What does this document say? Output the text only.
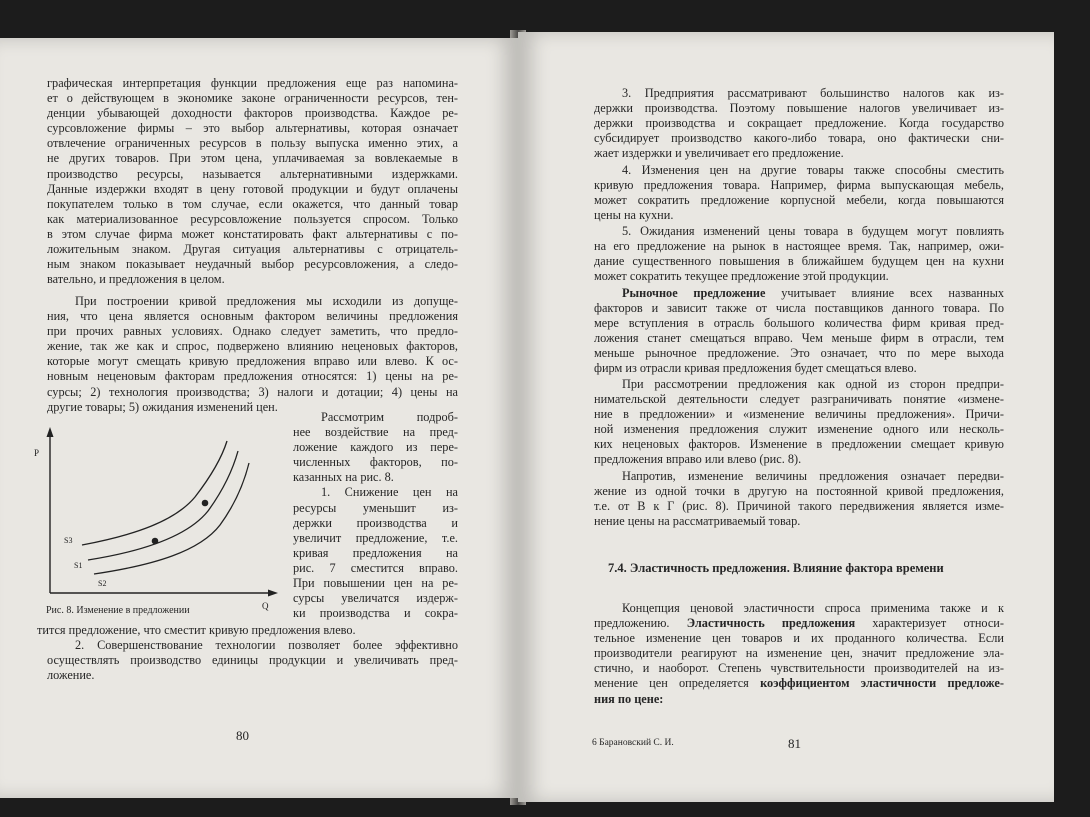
графическая интерпретация функции предложения еще раз напомина-
ет о действующем в экономике законе ограниченности ресурсов, тен-
денции убывающей доходности факторов производства. Каждое ре-
сурсовложение фирмы – это выбор альтернативы, которая означает
отвлечение ограниченных ресурсов в пользу выпуска именно этих, а
не других товаров. При этом цена, уплачиваемая за вовлекаемые в
производство ресурсы, называется альтернативными издержками.
Данные издержки входят в цену готовой продукции и будут оплачены
покупателем только в том случае, если окажется, что данный товар
как материализованное ресурсовложение пользуется спросом. Только
в этом случае фирма может констатировать факт альтернативы с по-
ложительным знаком. Другая ситуация альтернативы с отрицатель-
ным знаком показывает неудачный выбор ресурсовложения, а следо-
вательно, и предложения в целом.
При построении кривой предложения мы исходили из допуще-
ния, что цена является основным фактором величины предложения
при прочих равных условиях. Однако следует заметить, что предло-
жение, так же как и спрос, подвержено влиянию неценовых факторов,
которые могут смещать кривую предложения вправо или влево. К ос-
новным неценовым факторам предложения относятся: 1) цены на ре-
сурсы; 2) технология производства; 3) налоги и дотации; 4) цены на
другие товары; 5) ожидания изменений цен.
P
Q
S3
S1
S2
Рис. 8. Изменение в предложении
Рассмотрим подроб-
нее воздействие на пред-
ложение каждого из пере-
численных факторов, по-
казанных на рис. 8.
1. Снижение цен на
ресурсы уменьшит из-
держки производства и
увеличит предложение, т.е.
кривая предложения на
рис. 7 сместится вправо.
При повышении цен на ре-
сурсы увеличатся издерж-
ки производства и сокра-
тится предложение, что сместит кривую предложения влево.
2. Совершенствование технологии позволяет более эффективно
осуществлять производство единицы продукции и увеличивать пред-
ложение.
80
3. Предприятия рассматривают большинство налогов как из-
держки производства. Поэтому повышение налогов увеличивает из-
держки производства и сокращает предложение. Когда государство
субсидирует производство какого-либо товара, оно фактически сни-
жает издержки и увеличивает его предложение.
4. Изменения цен на другие товары также способны сместить
кривую предложения товара. Например, фирма выпускающая мебель,
может сократить предложение корпусной мебели, когда повышаются
цены на кухни.
5. Ожидания изменений цены товара в будущем могут повлиять
на его предложение на рынок в настоящее время. Так, например, ожи-
дание существенного повышения в ближайшем будущем цен на кухни
может сократить текущее предложение этой продукции.
Рыночное предложение учитывает влияние всех названных
факторов и зависит также от числа поставщиков данного товара. По
мере вступления в отрасль большого количества фирм кривая пред-
ложения станет смещаться вправо. Чем меньше фирм в отрасли, тем
меньше рыночное предложение. Это означает, что по мере выхода
фирм из отрасли кривая предложения будет смещаться влево.
При рассмотрении предложения как одной из сторон предпри-
нимательской деятельности следует разграничивать понятие «измене-
ние в предложении» и «изменение величины предложения». Причи-
ной изменения предложения служит изменение одного или несколь-
ких неценовых факторов. Изменение в предложении смещает кривую
предложения вправо или влево (рис. 8).
Напротив, изменение величины предложения означает передви-
жение из одной точки в другую на постоянной кривой предложения,
т.е. от В к Г (рис. 8). Причиной такого передвижения является изме-
нение цены на рассматриваемый товар.
7.4. Эластичность предложения. Влияние фактора времени
Концепция ценовой эластичности спроса применима также и к
предложению. Эластичность предложения характеризует относи-
тельное изменение цен товаров и их проданного количества. Если
производители реагируют на изменение цен, значит предложение эла-
стично, и наоборот. Степень чувствительности производителей на из-
менение цен определяется коэффициентом эластичности предложе-
ния по цене:
6 Барановский С. И.	81
